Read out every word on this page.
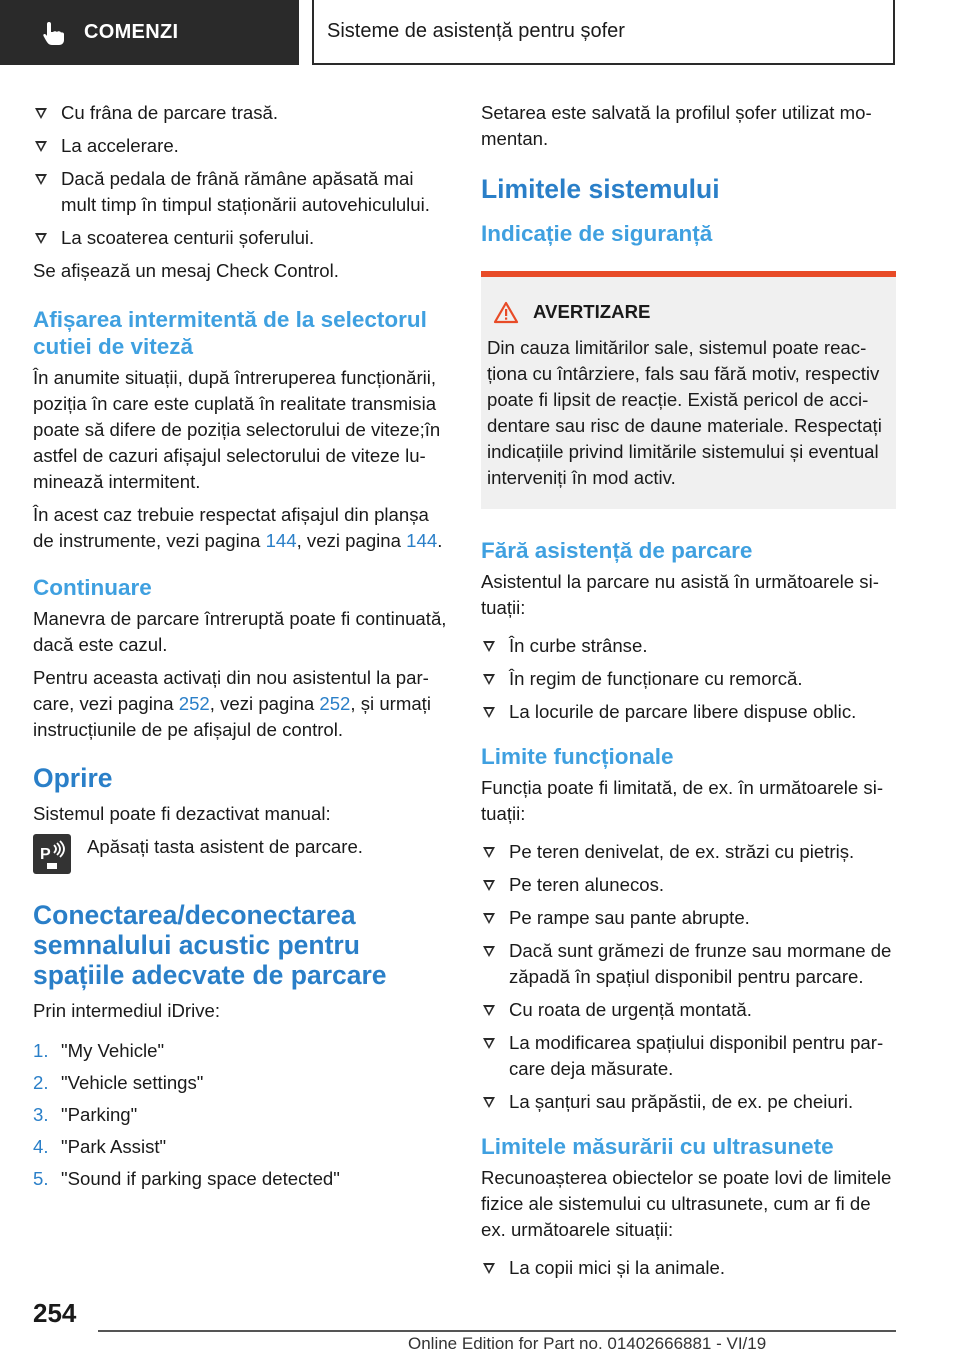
COMENZI	Sisteme de asistență pentru șofer
Cu frâna de parcare trasă.
La accelerare.
Dacă pedala de frână rămâne apăsată mai mult timp în timpul staționării autovehiculului.
La scoaterea centurii șoferului.

Se afișează un mesaj Check Control.

Afișarea intermitentă de la selectorul cutiei de viteză

În anumite situații, după întreruperea funcționării, poziția în care este cuplată în realitate transmisia poate să difere de poziția selectorului de viteze;în astfel de cazuri afișajul selectorului de viteze luminează intermitent.

În acest caz trebuie respectat afișajul din planșa de instrumente, vezi pagina 144, vezi pagina 144.

Continuare

Manevra de parcare întreruptă poate fi continuată, dacă este cazul.

Pentru aceasta activați din nou asistentul la parcare, vezi pagina 252, vezi pagina 252, și urmați instrucțiunile de pe afișajul de control.

Oprire

Sistemul poate fi dezactivat manual:

P Apăsați tasta asistent de parcare.
Conectarea/deconectarea semnalului acustic pentru spațiile adecvate de parcare

Prin intermediul iDrive:

1. "My Vehicle"
2. "Vehicle settings"
3. "Parking"
4. "Park Assist"
5. "Sound if parking space detected"

Setarea este salvată la profilul șofer utilizat momentan.

Limitele sistemului
Indicație de siguranță
AVERTIZARE

Din cauza limitărilor sale, sistemul poate reacționa cu întârziere, fals sau fără motiv, respectiv poate fi lipsit de reacție. Există pericol de accidentare sau risc de daune materiale. Respectați indicațiile privind limitările sistemului și eventual interveniți în mod activ.

Fără asistență de parcare

Asistentul la parcare nu asistă în următoarele situații:

În curbe strânse.
În regim de funcționare cu remorcă.
La locurile de parcare libere dispuse oblic.
Limite funcționale

Funcția poate fi limitată, de ex. în următoarele situații:

Pe teren denivelat, de ex. străzi cu pietriș.
Pe teren alunecos.
Pe rampe sau pante abrupte.
Dacă sunt grămezi de frunze sau mormane de zăpadă în spațiul disponibil pentru parcare.
Cu roata de urgență montată.
La modificarea spațiului disponibil pentru parcare deja măsurate.
La șanțuri sau prăpăstii, de ex. pe cheiuri.
Limitele măsurării cu ultrasunete

Recunoașterea obiectelor se poate lovi de limitele fizice ale sistemului cu ultrasunete, cum ar fi de ex. următoarele situații:

La copii mici și la animale.
254
Online Edition for Part no. 01402666881 - VI/19
